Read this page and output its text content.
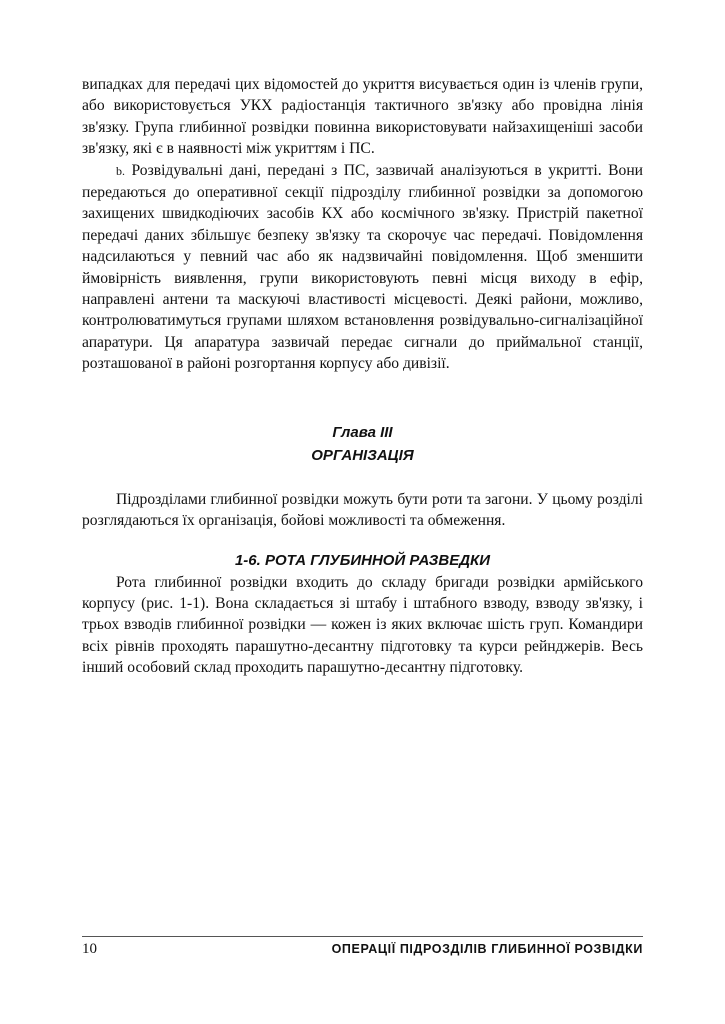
випадках для передачі цих відомостей до укриття висувається один із членів групи, або використовується УКХ радіостанція тактичного зв'язку або провідна лінія зв'язку. Група глибинної розвідки повинна використовувати найзахищеніші засоби зв'язку, які є в наявності між укриттям і ПС.

b. Розвідувальні дані, передані з ПС, зазвичай аналізуються в укритті. Вони передаються до оперативної секції підрозділу глибинної розвідки за допомогою захищених швидкодіючих засобів КХ або космічного зв'язку. Пристрій пакетної передачі даних збільшує безпеку зв'язку та скорочує час передачі. Повідомлення надсилаються у певний час або як надзвичайні повідомлення. Щоб зменшити ймовірність виявлення, групи використовують певні місця виходу в ефір, направлені антени та маскуючі властивості місцевості. Деякі райони, можливо, контролюватимуться групами шляхом встановлення розвідувально-сигналізаційної апаратури. Ця апаратура зазвичай передає сигнали до приймальної станції, розташованої в районі розгортання корпусу або дивізії.

Глава III
ОРГАНІЗАЦІЯ

Підрозділами глибинної розвідки можуть бути роти та загони. У цьому розділі розглядаються їх організація, бойові можливості та обмеження.

1-6. РОТА ГЛУБИННОЙ РАЗВЕДКИ

Рота глибинної розвідки входить до складу бригади розвідки армійського корпусу (рис. 1-1). Вона складається зі штабу і штабного взводу, взводу зв'язку, і трьох взводів глибинної розвідки — кожен із яких включає шість груп. Командири всіх рівнів проходять парашутно-десантну підготовку та курси рейнджерів. Весь інший особовий склад проходить парашутно-десантну підготовку.

10	ОПЕРАЦІЇ ПІДРОЗДІЛІВ ГЛИБИННОЇ РОЗВІДКИ
